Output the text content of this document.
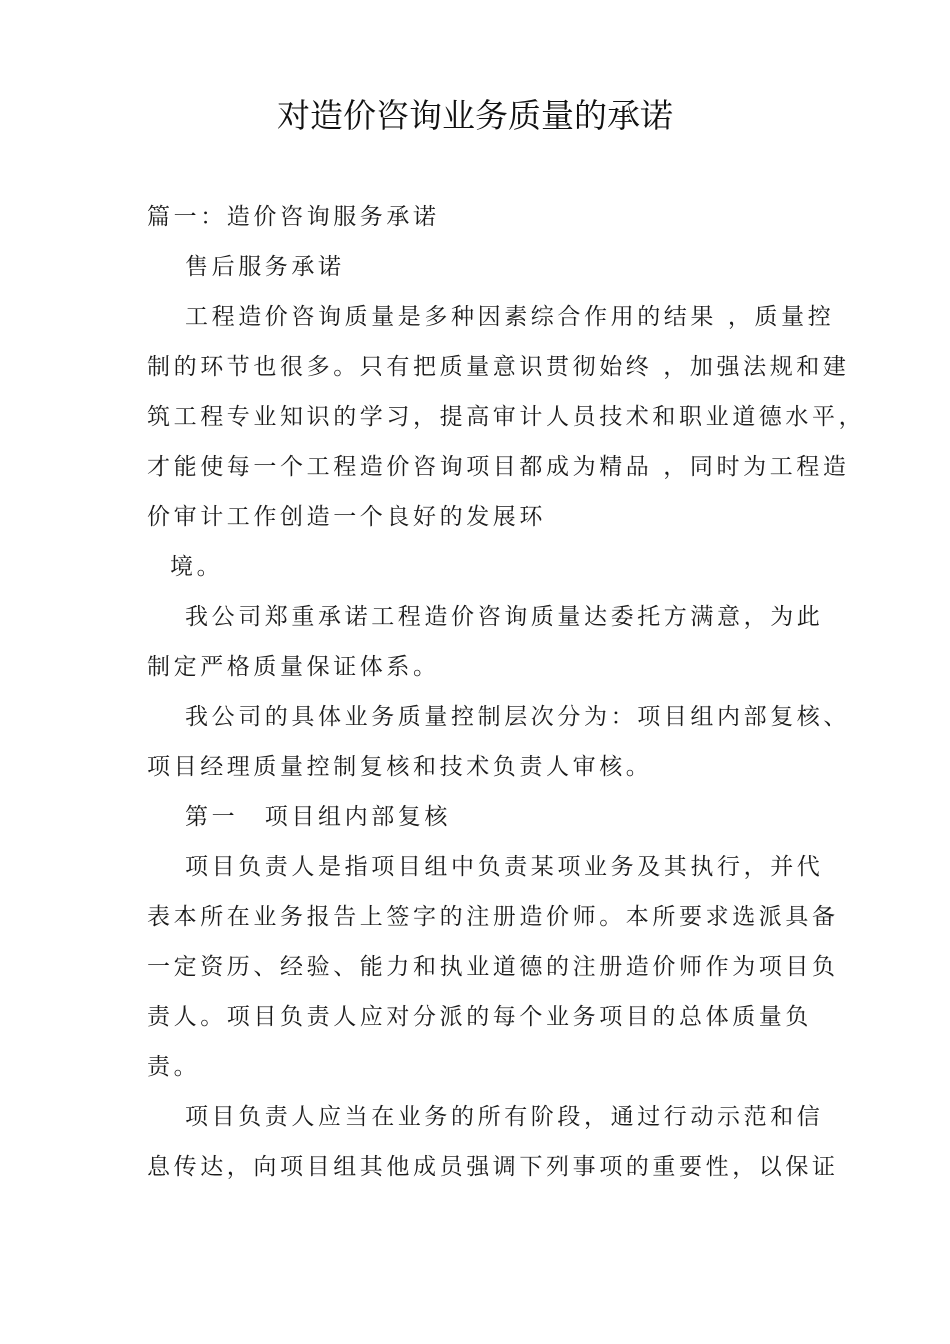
对造价咨询业务质量的承诺
篇一：造价咨询服务承诺
售后服务承诺
工程造价咨询质量是多种因素综合作用的结果 ，质量控
制的环节也很多。只有把质量意识贯彻始终 ，加强法规和建
筑工程专业知识的学习，提高审计人员技术和职业道德水平，
才能使每一个工程造价咨询项目都成为精品 ，同时为工程造
价审计工作创造一个良好的发展环
境。
我公司郑重承诺工程造价咨询质量达委托方满意，为此
制定严格质量保证体系。
我公司的具体业务质量控制层次分为：项目组内部复核、
项目经理质量控制复核和技术负责人审核。
第一　项目组内部复核
项目负责人是指项目组中负责某项业务及其执行，并代
表本所在业务报告上签字的注册造价师。本所要求选派具备
一定资历、经验、能力和执业道德的注册造价师作为项目负
责人。项目负责人应对分派的每个业务项目的总体质量负
责。
项目负责人应当在业务的所有阶段，通过行动示范和信
息传达，向项目组其他成员强调下列事项的重要性，以保证
